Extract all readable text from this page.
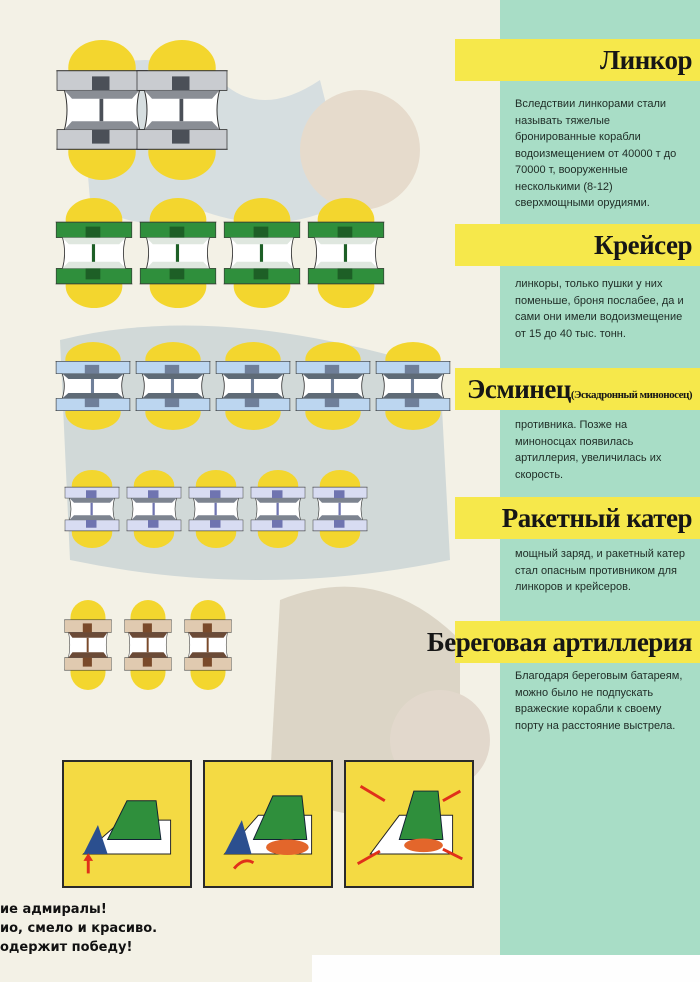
Линкор
Вследствии линкорами стали называть тяжелые бронированные корабли водоизмещением от 40000 т до 70000 т, вооруженные несколькими (8-12) сверхмощными орудиями.
Крейсер
линкоры, только пушки у них поменьше, броня послабее, да и сами они имели водоизмещение от 15 до 40 тыс. тонн.
Эсминец(Эскадронный миноносец)
противника. Позже на миноносцах появилась артиллерия, увеличилась их скорость.
Ракетный катер
мощный заряд, и ракетный катер стал опасным противником для линкоров и крейсеров.
Береговая артиллерия
Благодаря береговым батареям, можно было не подпускать вражеские корабли к своему порту на расстояние выстрела.
ие адмиралы!
ио, смело и красиво.
одержит победу!
